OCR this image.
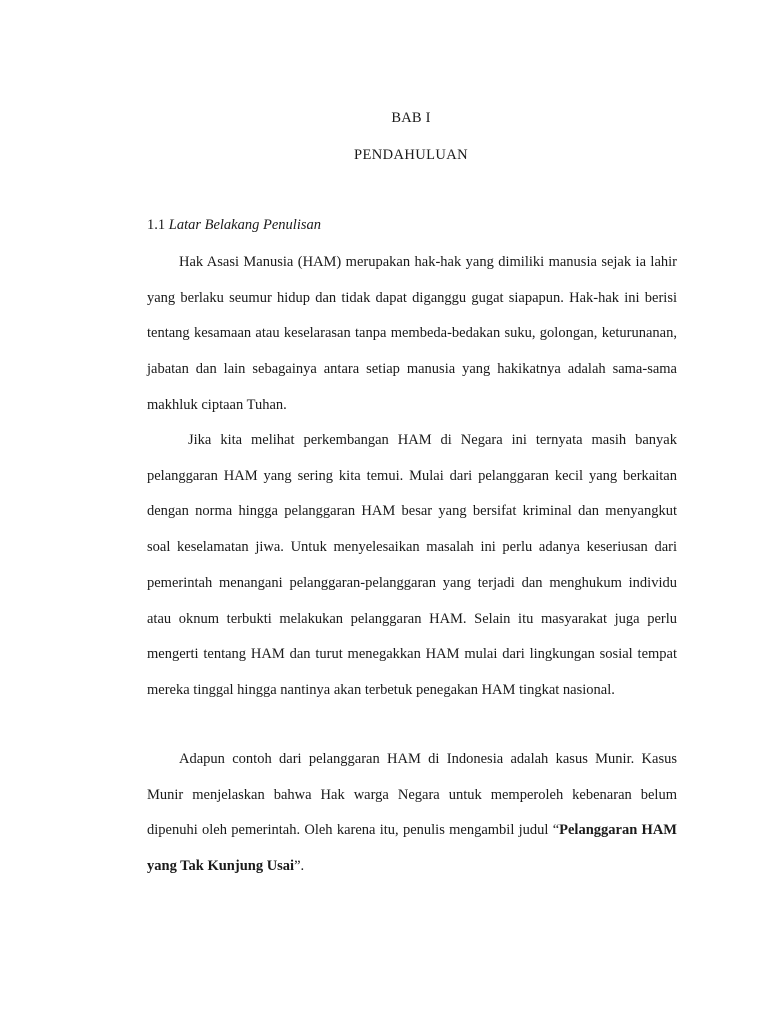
BAB I
PENDAHULUAN
1.1 Latar Belakang Penulisan

Hak Asasi Manusia (HAM) merupakan hak-hak yang dimiliki manusia sejak ia lahir yang berlaku seumur hidup dan tidak dapat diganggu gugat siapapun. Hak-hak ini berisi tentang kesamaan atau keselarasan tanpa membeda-bedakan suku, golongan, keturunanan, jabatan dan lain sebagainya antara setiap manusia yang hakikatnya adalah sama-sama makhluk ciptaan Tuhan.

Jika kita melihat perkembangan HAM di Negara ini ternyata masih banyak pelanggaran HAM yang sering kita temui. Mulai dari pelanggaran kecil yang berkaitan dengan norma hingga pelanggaran HAM besar yang bersifat kriminal dan menyangkut soal keselamatan jiwa. Untuk menyelesaikan masalah ini perlu adanya keseriusan dari pemerintah menangani pelanggaran-pelanggaran yang terjadi dan menghukum individu atau oknum terbukti melakukan pelanggaran HAM. Selain itu masyarakat juga perlu mengerti tentang HAM dan turut menegakkan HAM mulai dari lingkungan sosial tempat mereka tinggal hingga nantinya akan terbetuk penegakan HAM tingkat nasional.

Adapun contoh dari pelanggaran HAM di Indonesia adalah kasus Munir. Kasus Munir menjelaskan bahwa Hak warga Negara untuk memperoleh kebenaran belum dipenuhi oleh pemerintah. Oleh karena itu, penulis mengambil judul “Pelanggaran HAM yang Tak Kunjung Usai”.
